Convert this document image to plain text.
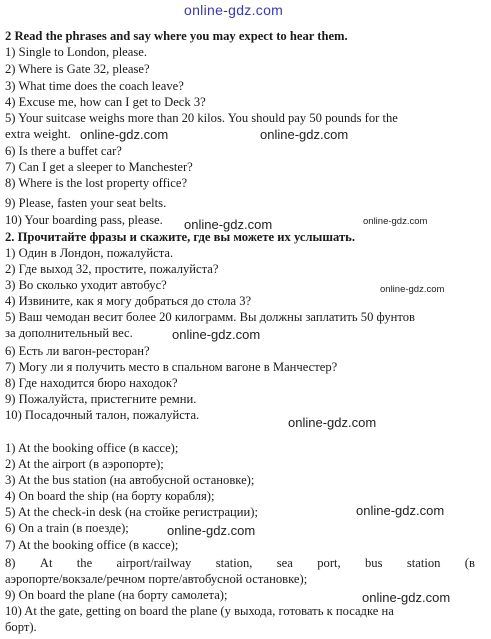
online-gdz.com
2 Read the phrases and say where you may expect to hear them.
1) Single to London, please.
2) Where is Gate 32, please?
3) What time does the coach leave?
4) Excuse me, how can I get to Deck 3?
5) Your suitcase weighs more than 20 kilos. You should pay 50 pounds for the
extra weight.
6) Is there a buffet car?
7) Can I get a sleeper to Manchester?
8) Where is the lost property office?
9) Please, fasten your seat belts.
10) Your boarding pass, please.
2. Прочитайте фразы и скажите, где вы можете их услышать.
1) Один в Лондон, пожалуйста.
2) Где выход 32, простите, пожалуйста?
3) Во сколько уходит автобус?
4) Извините, как я могу добраться до стола 3?
5) Ваш чемодан весит более 20 килограмм. Вы должны заплатить 50 фунтов
за дополнительный вес.
6) Есть ли вагон-ресторан?
7) Могу ли я получить место в спальном вагоне в Манчестер?
8) Где находится бюро находок?
9) Пожалуйста, пристегните ремни.
10) Посадочный талон, пожалуйста.
1) At the booking office (в кассе);
2) At the airport (в аэропорте);
3) At the bus station (на автобусной остановке);
4) On board the ship (на борту корабля);
5) At the check-in desk (на стойке регистрации);
6) On a train (в поезде);
7) At the booking office (в кассе);
8) At the airport/railway station, sea port, bus station (в
аэропорте/вокзале/речном порте/автобусной остановке);
9) On board the plane (на борту самолета);
10) At the gate, getting on board the plane (у выхода, готовать к посадке на
борт).
online-gdz.com	online-gdz.com
online-gdz.com	online-gdz.com
online-gdz.com
online-gdz.com
online-gdz.com
online-gdz.com
online-gdz.com
online-gdz.com
